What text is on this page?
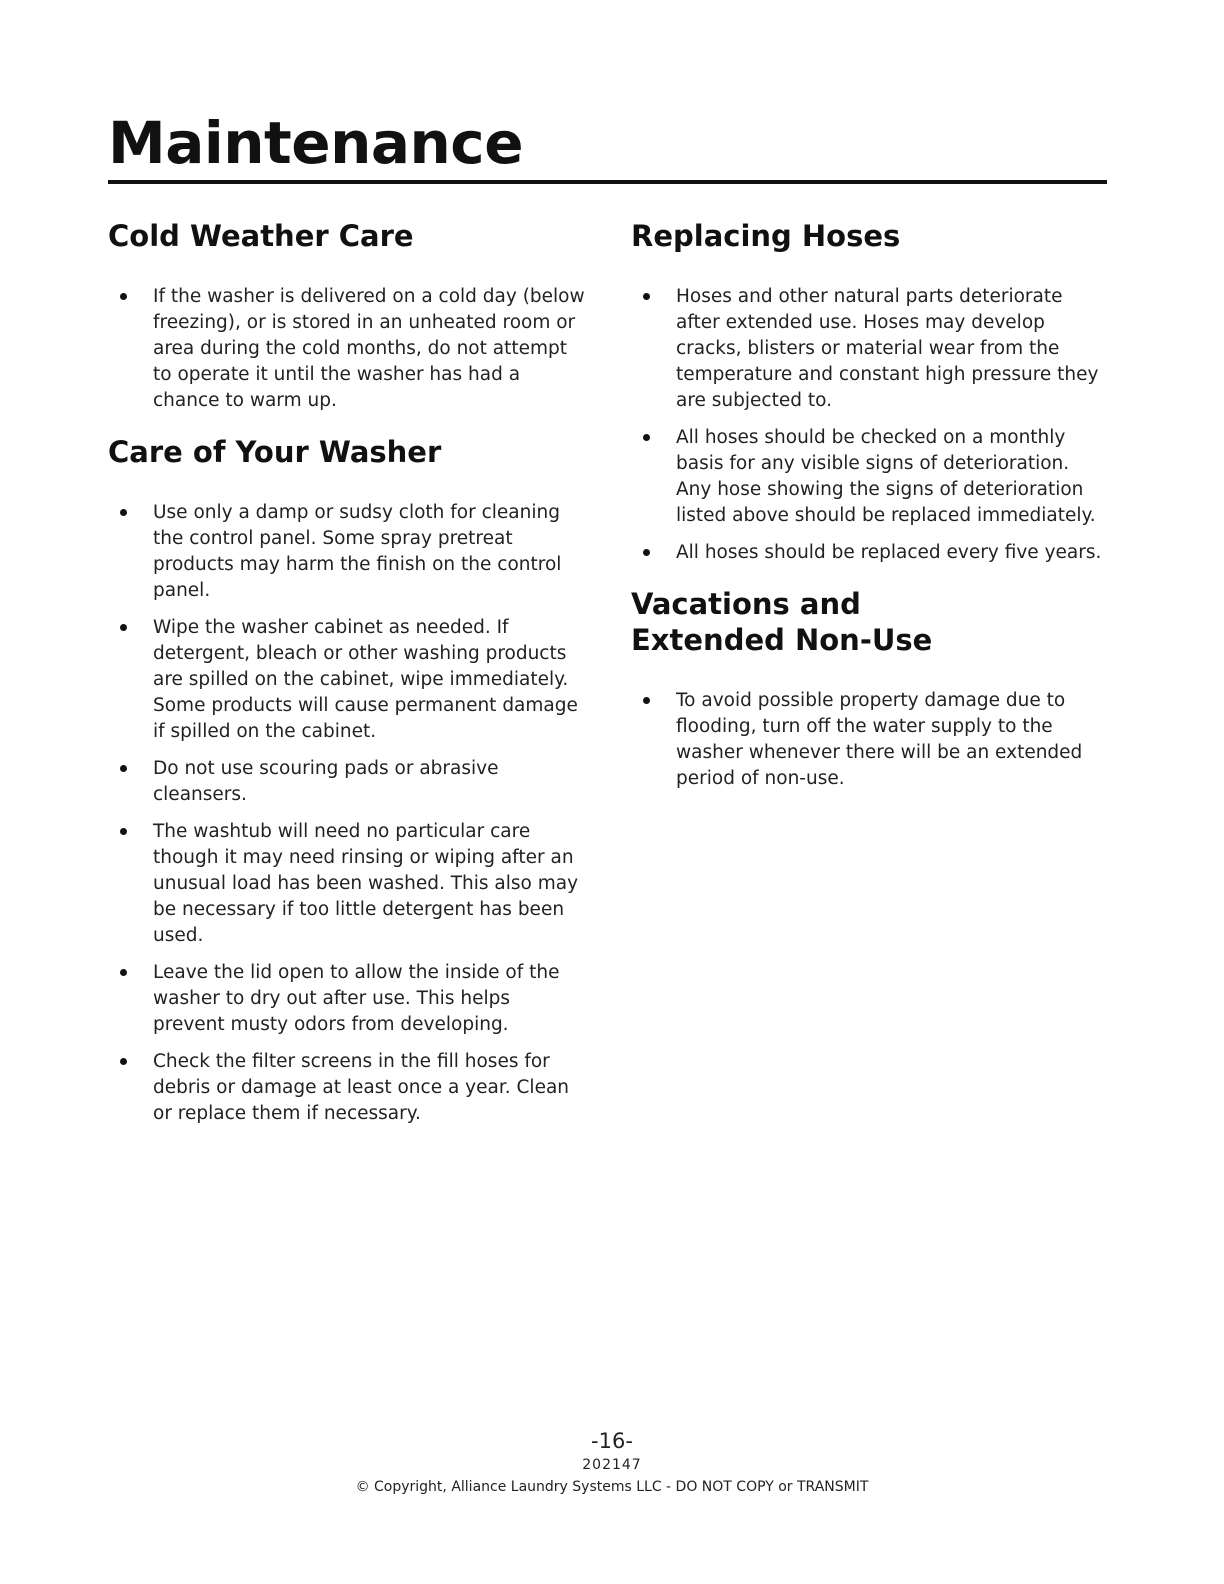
Maintenance
Cold Weather Care
If the washer is delivered on a cold day (below freezing), or is stored in an unheated room or area during the cold months, do not attempt to operate it until the washer has had a chance to warm up.
Care of Your Washer
Use only a damp or sudsy cloth for cleaning the control panel. Some spray pretreat products may harm the finish on the control panel.
Wipe the washer cabinet as needed. If detergent, bleach or other washing products are spilled on the cabinet, wipe immediately. Some products will cause permanent damage if spilled on the cabinet.
Do not use scouring pads or abrasive cleansers.
The washtub will need no particular care though it may need rinsing or wiping after an unusual load has been washed. This also may be necessary if too little detergent has been used.
Leave the lid open to allow the inside of the washer to dry out after use. This helps prevent musty odors from developing.
Check the filter screens in the fill hoses for debris or damage at least once a year. Clean or replace them if necessary.
Replacing Hoses
Hoses and other natural parts deteriorate after extended use. Hoses may develop cracks, blisters or material wear from the temperature and constant high pressure they are subjected to.
All hoses should be checked on a monthly basis for any visible signs of deterioration. Any hose showing the signs of deterioration listed above should be replaced immediately.
All hoses should be replaced every five years.
Vacations and Extended Non-Use
To avoid possible property damage due to flooding, turn off the water supply to the washer whenever there will be an extended period of non-use.
-16-
202147
© Copyright, Alliance Laundry Systems LLC - DO NOT COPY or TRANSMIT
